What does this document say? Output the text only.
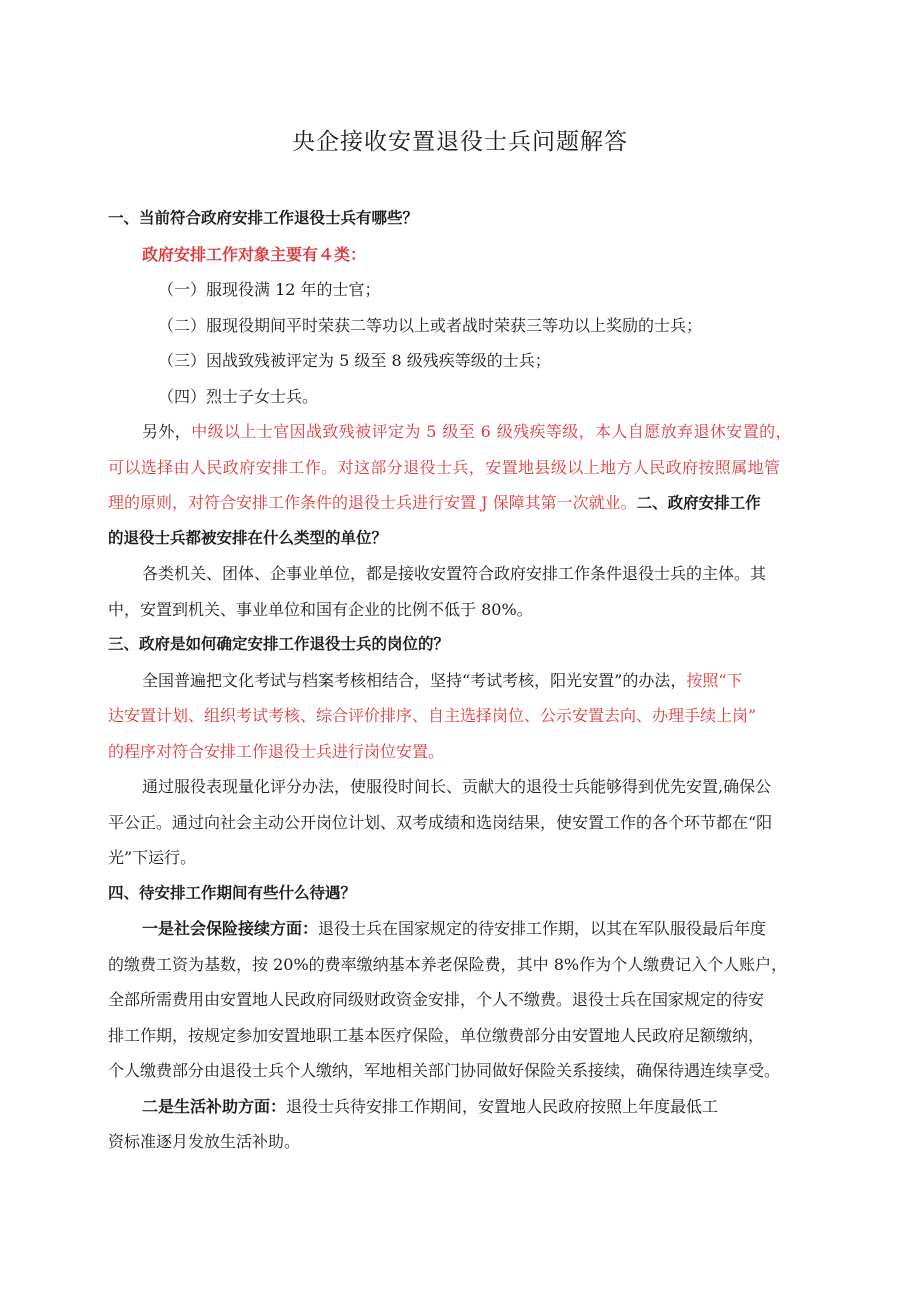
央企接收安置退役士兵问题解答
一、当前符合政府安排工作退役士兵有哪些？
政府安排工作对象主要有４类：
（一）服现役满 12 年的士官；
（二）服现役期间平时荣获二等功以上或者战时荣获三等功以上奖励的士兵；
（三）因战致残被评定为 5 级至 8 级残疾等级的士兵；
（四）烈士子女士兵。
另外，中级以上士官因战致残被评定为 5 级至 6 级残疾等级，本人自愿放弃退休安置的，
可以选择由人民政府安排工作。对这部分退役士兵，安置地县级以上地方人民政府按照属地管
理的原则，对符合安排工作条件的退役士兵进行安置 J 保障其第一次就业。二、政府安排工作
的退役士兵都被安排在什么类型的单位？
各类机关、团体、企事业单位，都是接收安置符合政府安排工作条件退役士兵的主体。其
中，安置到机关、事业单位和国有企业的比例不低于 80%。
三、政府是如何确定安排工作退役士兵的岗位的？
全国普遍把文化考试与档案考核相结合，坚持“考试考核，阳光安置”的办法，按照“下
达安置计划、组织考试考核、综合评价排序、自主选择岗位、公示安置去向、办理手续上岗”
的程序对符合安排工作退役士兵进行岗位安置。
通过服役表现量化评分办法，使服役时间长、贡献大的退役士兵能够得到优先安置,确保公
平公正。通过向社会主动公开岗位计划、双考成绩和选岗结果，使安置工作的各个环节都在“阳
光”下运行。
四、待安排工作期间有些什么待遇？
一是社会保险接续方面：退役士兵在国家规定的待安排工作期，以其在军队服役最后年度
的缴费工资为基数，按 20%的费率缴纳基本养老保险费，其中 8%作为个人缴费记入个人账户，
全部所需费用由安置地人民政府同级财政资金安排，个人不缴费。退役士兵在国家规定的待安
排工作期，按规定参加安置地职工基本医疗保险，单位缴费部分由安置地人民政府足额缴纳，
个人缴费部分由退役士兵个人缴纳，军地相关部门协同做好保险关系接续，确保待遇连续享受。
二是生活补助方面：退役士兵待安排工作期间，安置地人民政府按照上年度最低工
资标准逐月发放生活补助。
